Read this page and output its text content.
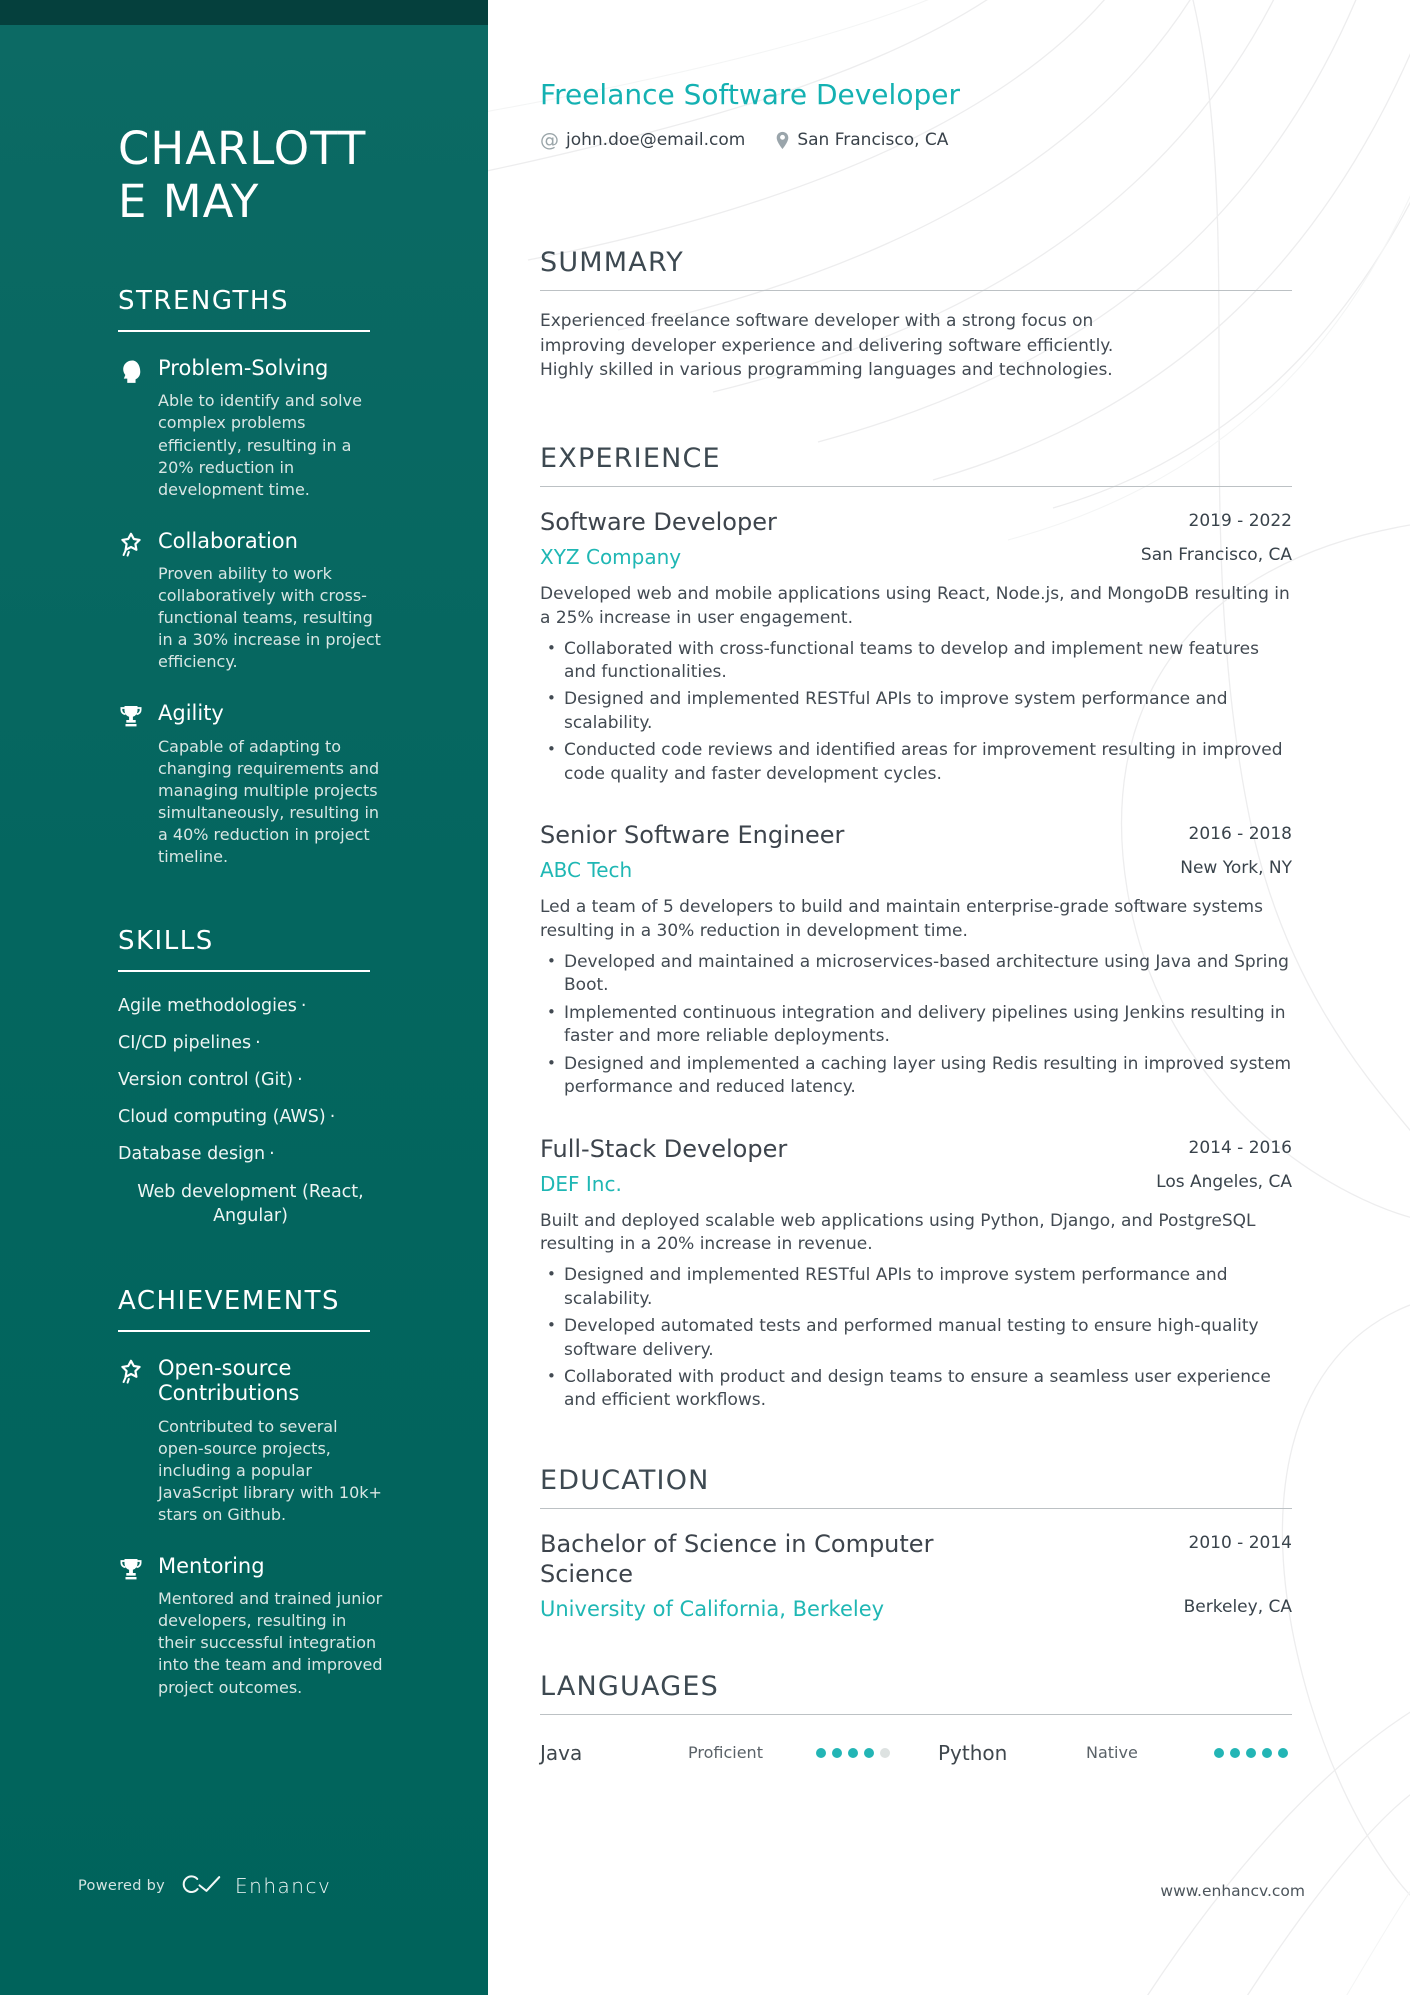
CHARLOTT
E MAY
STRENGTHS
Problem-Solving

Able to identify and solve complex problems efficiently, resulting in a 20% reduction in development time.

Collaboration

Proven ability to work collaboratively with cross-functional teams, resulting in a 30% increase in project efficiency.

Agility

Capable of adapting to changing requirements and managing multiple projects simultaneously, resulting in a 40% reduction in project timeline.

SKILLS
Agile methodologies ·
CI/CD pipelines ·
Version control (Git) ·
Cloud computing (AWS) ·
Database design ·
Web development (React, Angular)
ACHIEVEMENTS
Open-source Contributions

Contributed to several open-source projects, including a popular JavaScript library with 10k+ stars on Github.

Mentoring

Mentored and trained junior developers, resulting in their successful integration into the team and improved project outcomes.

Powered by	Enhancv
Freelance Software Developer
@ john.doe@email.com	San Francisco, CA
SUMMARY

Experienced freelance software developer with a strong focus on improving developer experience and delivering software efficiently. Highly skilled in various programming languages and technologies.

EXPERIENCE
Software Developer	2019 - 2022
XYZ Company	San Francisco, CA

Developed web and mobile applications using React, Node.js, and MongoDB resulting in a 25% increase in user engagement.

• Collaborated with cross-functional teams to develop and implement new features and functionalities.
• Designed and implemented RESTful APIs to improve system performance and scalability.
• Conducted code reviews and identified areas for improvement resulting in improved code quality and faster development cycles.
Senior Software Engineer	2016 - 2018
ABC Tech	New York, NY

Led a team of 5 developers to build and maintain enterprise-grade software systems resulting in a 30% reduction in development time.

• Developed and maintained a microservices-based architecture using Java and Spring Boot.
• Implemented continuous integration and delivery pipelines using Jenkins resulting in faster and more reliable deployments.
• Designed and implemented a caching layer using Redis resulting in improved system performance and reduced latency.
Full-Stack Developer	2014 - 2016
DEF Inc.	Los Angeles, CA

Built and deployed scalable web applications using Python, Django, and PostgreSQL resulting in a 20% increase in revenue.

• Designed and implemented RESTful APIs to improve system performance and scalability.
• Developed automated tests and performed manual testing to ensure high-quality software delivery.
• Collaborated with product and design teams to ensure a seamless user experience and efficient workflows.
EDUCATION
Bachelor of Science in Computer Science
2010 - 2014
University of California, Berkeley	Berkeley, CA
LANGUAGES
Java	Proficient	Python	Native
www.enhancv.com
